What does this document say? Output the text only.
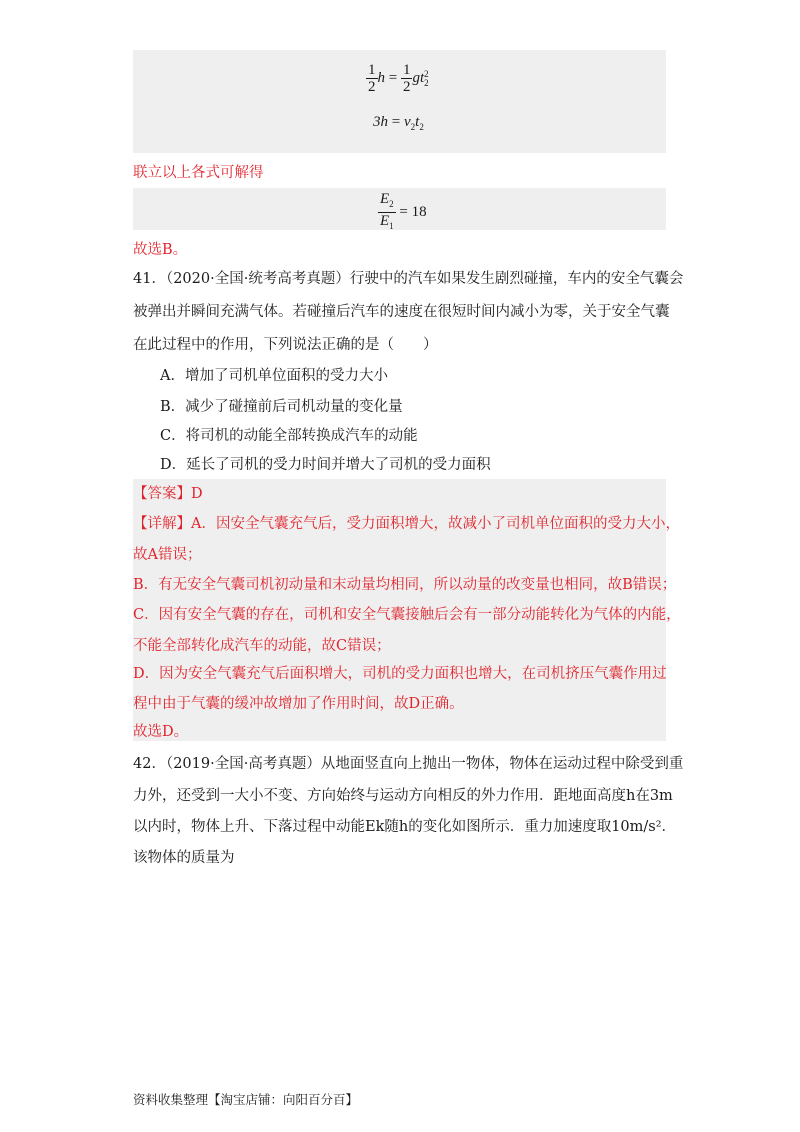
$\frac{1}{2}$ $h = \frac{1}{2}$ gt 2
2
$3h = v_2t_2$
联立以上各式可解得
$\frac{E_2}{E_1} = 18$
故选B。
41．（2020·全国·统考高考真题）行驶中的汽车如果发生剧烈碰撞，车内的安全气囊会
被弹出并瞬间充满气体。若碰撞后汽车的速度在很短时间内减小为零，关于安全气囊
在此过程中的作用，下列说法正确的是（　　）
A．增加了司机单位面积的受力大小
B．减少了碰撞前后司机动量的变化量
C．将司机的动能全部转换成汽车的动能
D．延长了司机的受力时间并增大了司机的受力面积
【答案】D
【详解】A．因安全气囊充气后，受力面积增大，故减小了司机单位面积的受力大小，
故A错误；
B．有无安全气囊司机初动量和末动量均相同，所以动量的改变量也相同，故B错误；
C．因有安全气囊的存在，司机和安全气囊接触后会有一部分动能转化为气体的内能，
不能全部转化成汽车的动能，故C错误；
D．因为安全气囊充气后面积增大，司机的受力面积也增大，在司机挤压气囊作用过
程中由于气囊的缓冲故增加了作用时间，故D正确。
故选D。
42．（2019·全国·高考真题）从地面竖直向上抛出一物体，物体在运动过程中除受到重
力外，还受到一大小不变、方向始终与运动方向相反的外力作用．距地面高度h在3m
以内时，物体上升、下落过程中动能Ek随h的变化如图所示．重力加速度取10m/s²．
该物体的质量为
资料收集整理【淘宝店铺：向阳百分百】
